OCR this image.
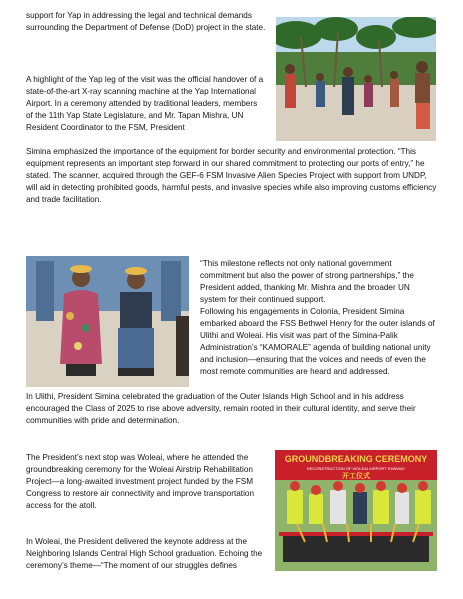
support for Yap in addressing the legal and technical demands surrounding the Department of Defense (DoD) project in the state.

A highlight of the Yap leg of the visit was the official handover of a state-of-the-art X-ray scanning machine at the Yap International Airport. In a ceremony attended by traditional leaders, members of the 11th Yap State Legislature, and Mr. Tapan Mishra, UN Resident Coordinator to the FSM, President

Simina emphasized the importance of the equipment for border security and environmental protection. “This equipment represents an important step forward in our shared commitment to protecting our ports of entry,” he stated. The scanner, acquired through the GEF-6 FSM Invasive Alien Species Project with support from UNDP, will aid in detecting prohibited goods, harmful pests, and invasive species while also improving customs efficiency and trade facilitation.

“This milestone reflects not only national government commitment but also the power of strong partnerships,” the President added, thanking Mr. Mishra and the broader UN system for their continued support.

Following his engagements in Colonia, President Simina embarked aboard the FSS Bethwel Henry for the outer islands of Ulithi and Woleai. His visit was part of the Simina-Palik Administration’s “KAMORALE” agenda of building national unity and inclusion—ensuring that the voices and needs of even the most remote communities are heard and addressed.

In Ulithi, President Simina celebrated the graduation of the Outer Islands High School and in his address encouraged the Class of 2025 to rise above adversity, remain rooted in their cultural identity, and serve their communities with pride and determination.

The President’s next stop was Woleai, where he attended the groundbreaking ceremony for the Woleai Airstrip Rehabilitation Project—a long-awaited investment project funded by the FSM Congress to restore air connectivity and improve transportation access for the atoll.

GROUNDBREAKING CEREMONY
RECONSTRUCTION OF WOLEAI AIRPORT RUNWAY
开工仪式

In Woleai, the President delivered the keynote address at the Neighboring Islands Central High School graduation. Echoing the ceremony’s theme—“The moment of our struggles defines
